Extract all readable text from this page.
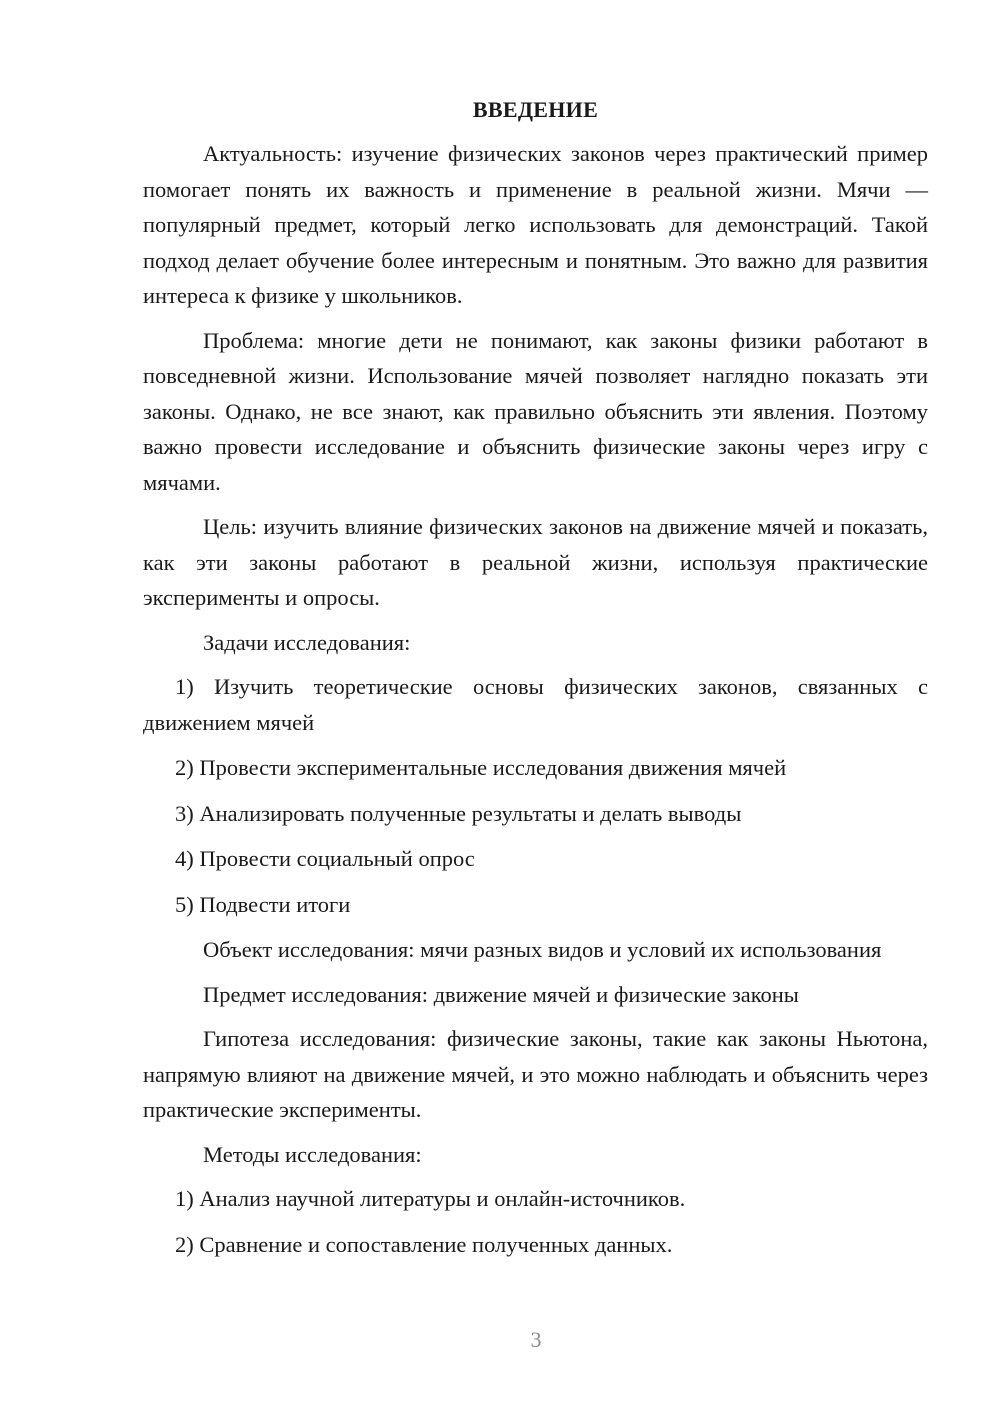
ВВЕДЕНИЕ

Актуальность: изучение физических законов через практический пример помогает понять их важность и применение в реальной жизни. Мячи — популярный предмет, который легко использовать для демонстраций. Такой подход делает обучение более интересным и понятным. Это важно для развития интереса к физике у школьников.

Проблема: многие дети не понимают, как законы физики работают в повседневной жизни. Использование мячей позволяет наглядно показать эти законы. Однако, не все знают, как правильно объяснить эти явления. Поэтому важно провести исследование и объяснить физические законы через игру с мячами.

Цель: изучить влияние физических законов на движение мячей и показать, как эти законы работают в реальной жизни, используя практические эксперименты и опросы.

Задачи исследования:

1) Изучить теоретические основы физических законов, связанных с движением мячей

2) Провести экспериментальные исследования движения мячей

3) Анализировать полученные результаты и делать выводы

4) Провести социальный опрос

5) Подвести итоги

Объект исследования: мячи разных видов и условий их использования

Предмет исследования: движение мячей и физические законы

Гипотеза исследования: физические законы, такие как законы Ньютона, напрямую влияют на движение мячей, и это можно наблюдать и объяснить через практические эксперименты.

Методы исследования:

1) Анализ научной литературы и онлайн-источников.

2) Сравнение и сопоставление полученных данных.

3
